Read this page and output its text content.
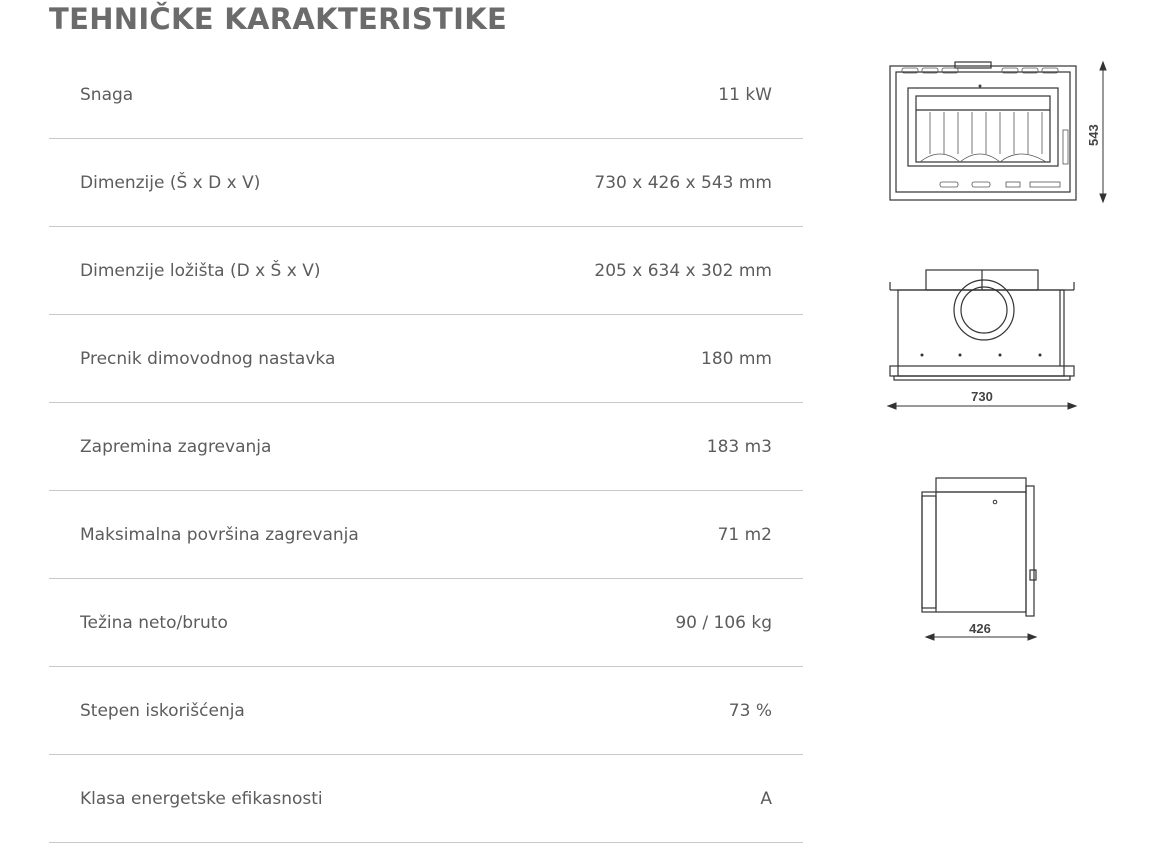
TEHNIČKE KARAKTERISTIKE
Snaga	11 kW
Dimenzije (Š x D x V)	730 x 426 x 543 mm
Dimenzije ložišta (D x Š x V)	205 x 634 x 302 mm
Precnik dimovodnog nastavka	180 mm
Zapremina zagrevanja	183 m3
Maksimalna površina zagrevanja	71 m2
Težina neto/bruto	90 / 106 kg
Stepen iskorišćenja	73 %
Klasa energetske efikasnosti	A
543
730
426
